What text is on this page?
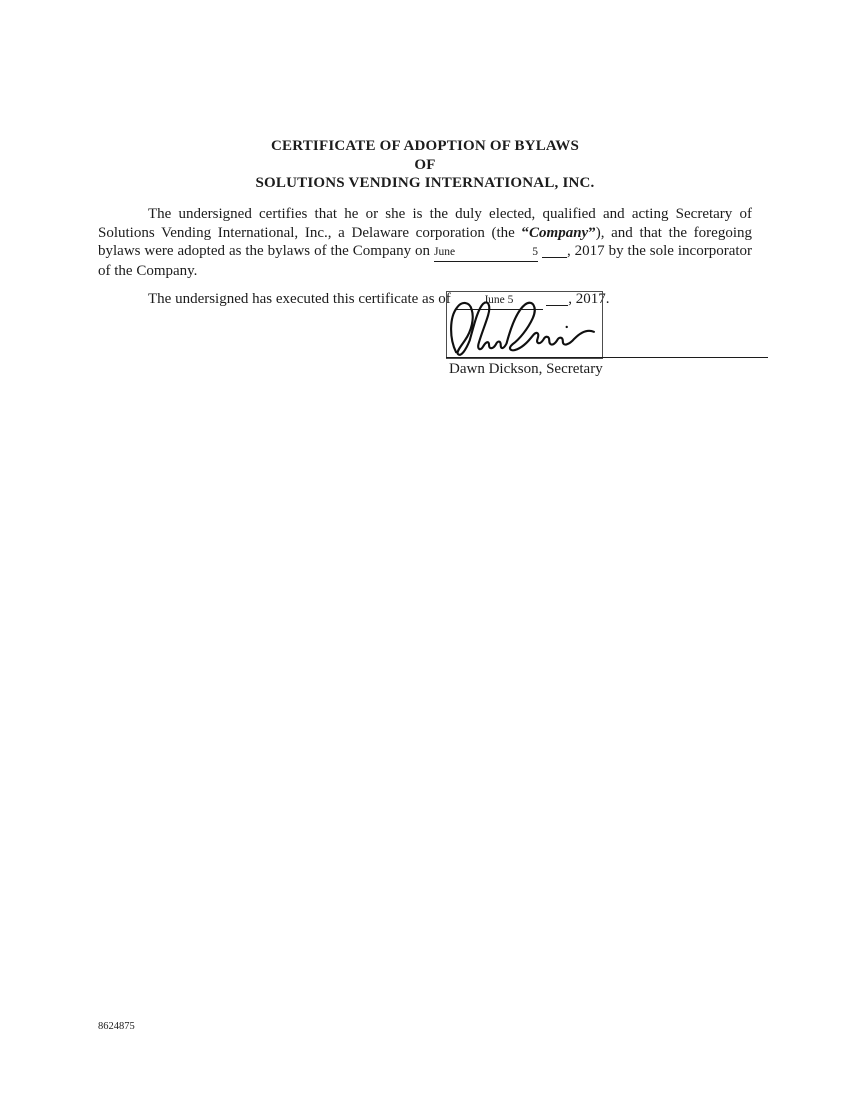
CERTIFICATE OF ADOPTION OF BYLAWS
OF
SOLUTIONS VENDING INTERNATIONAL, INC.
The undersigned certifies that he or she is the duly elected, qualified and acting Secretary of
Solutions Vending International, Inc., a Delaware corporation (the “Company”), and that the foregoing
bylaws were adopted as the bylaws of the Company on June 5 , 2017 by the sole incorporator
of the Company.
The undersigned has executed this certificate as of	June 5	, 2017.
Dawn Dickson, Secretary
8624875
